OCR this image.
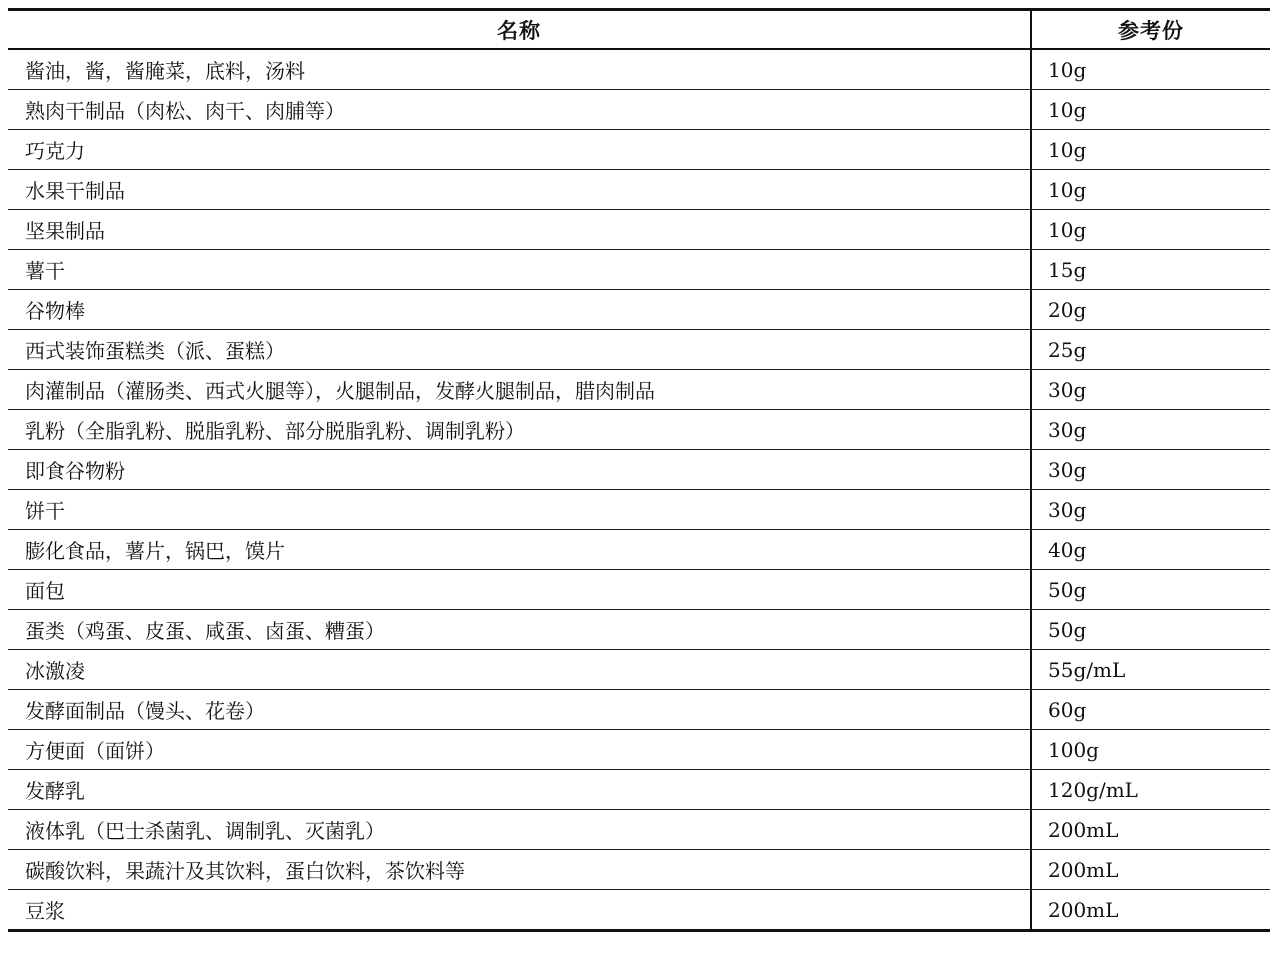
名称	参考份
酱油，酱，酱腌菜，底料，汤料	10g
熟肉干制品（肉松、肉干、肉脯等）	10g
巧克力	10g
水果干制品	10g
坚果制品	10g
薯干	15g
谷物棒	20g
西式装饰蛋糕类（派、蛋糕）	25g
肉灌制品（灌肠类、西式火腿等），火腿制品，发酵火腿制品，腊肉制品	30g
乳粉（全脂乳粉、脱脂乳粉、部分脱脂乳粉、调制乳粉）	30g
即食谷物粉	30g
饼干	30g
膨化食品，薯片，锅巴，馍片	40g
面包	50g
蛋类（鸡蛋、皮蛋、咸蛋、卤蛋、糟蛋）	50g
冰激凌	55g/mL
发酵面制品（馒头、花卷）	60g
方便面（面饼）	100g
发酵乳	120g/mL
液体乳（巴士杀菌乳、调制乳、灭菌乳）	200mL
碳酸饮料，果蔬汁及其饮料，蛋白饮料，茶饮料等	200mL
豆浆	200mL
